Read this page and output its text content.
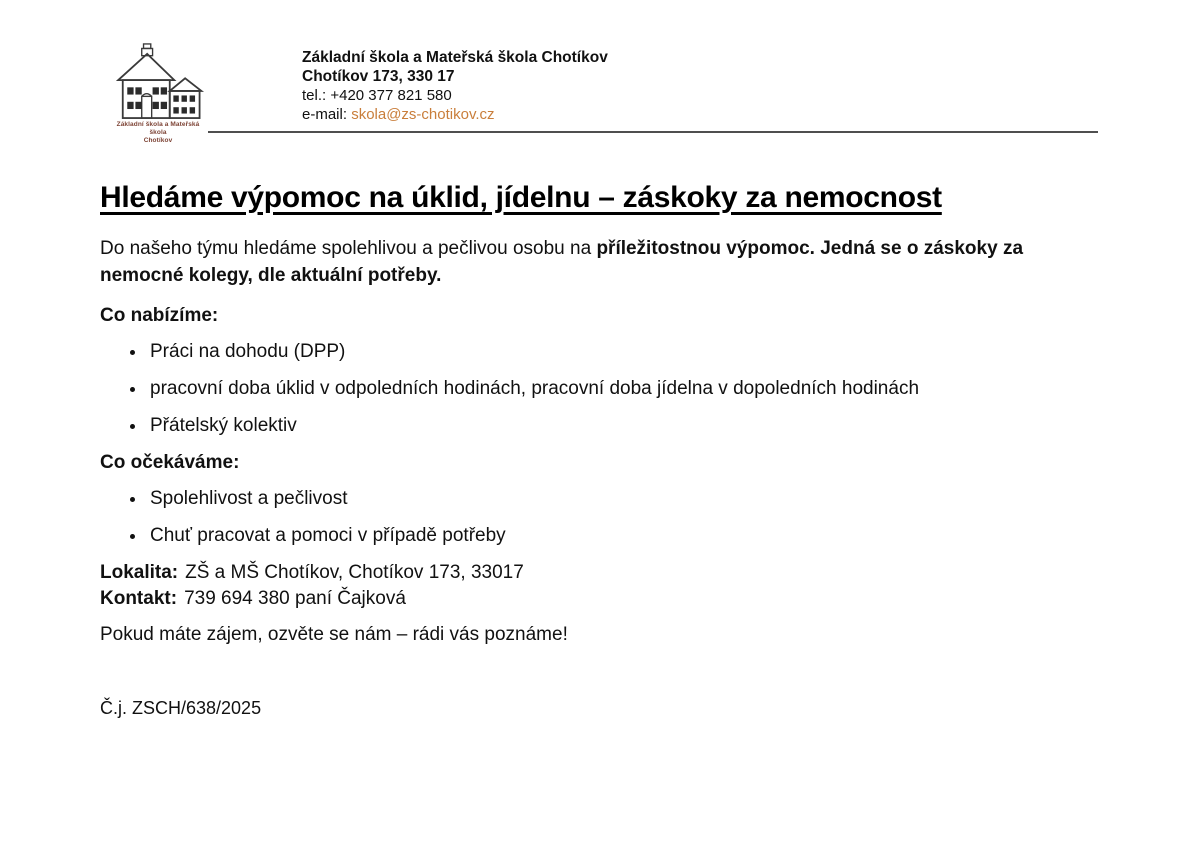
Základní škola a Mateřská škola
Chotíkov
Základní škola a Mateřská škola Chotíkov
Chotíkov 173, 330 17
tel.: +420 377 821 580
e-mail: skola@zs-chotikov.cz
Hledáme výpomoc na úklid, jídelnu – záskoky za nemocnost

Do našeho týmu hledáme spolehlivou a pečlivou osobu na příležitostnou výpomoc. Jedná se o záskoky za nemocné kolegy, dle aktuální potřeby.

Co nabízíme:
Práci na dohodu (DPP)
pracovní doba úklid v odpoledních hodinách, pracovní doba jídelna v dopoledních hodinách
Přátelský kolektiv
Co očekáváme:
Spolehlivost a pečlivost
Chuť pracovat a pomoci v případě potřeby

Lokalita: ZŠ a MŠ Chotíkov, Chotíkov 173, 33017

Kontakt: 739 694 380 paní Čajková

Pokud máte zájem, ozvěte se nám – rádi vás poznáme!

Č.j. ZSCH/638/2025
